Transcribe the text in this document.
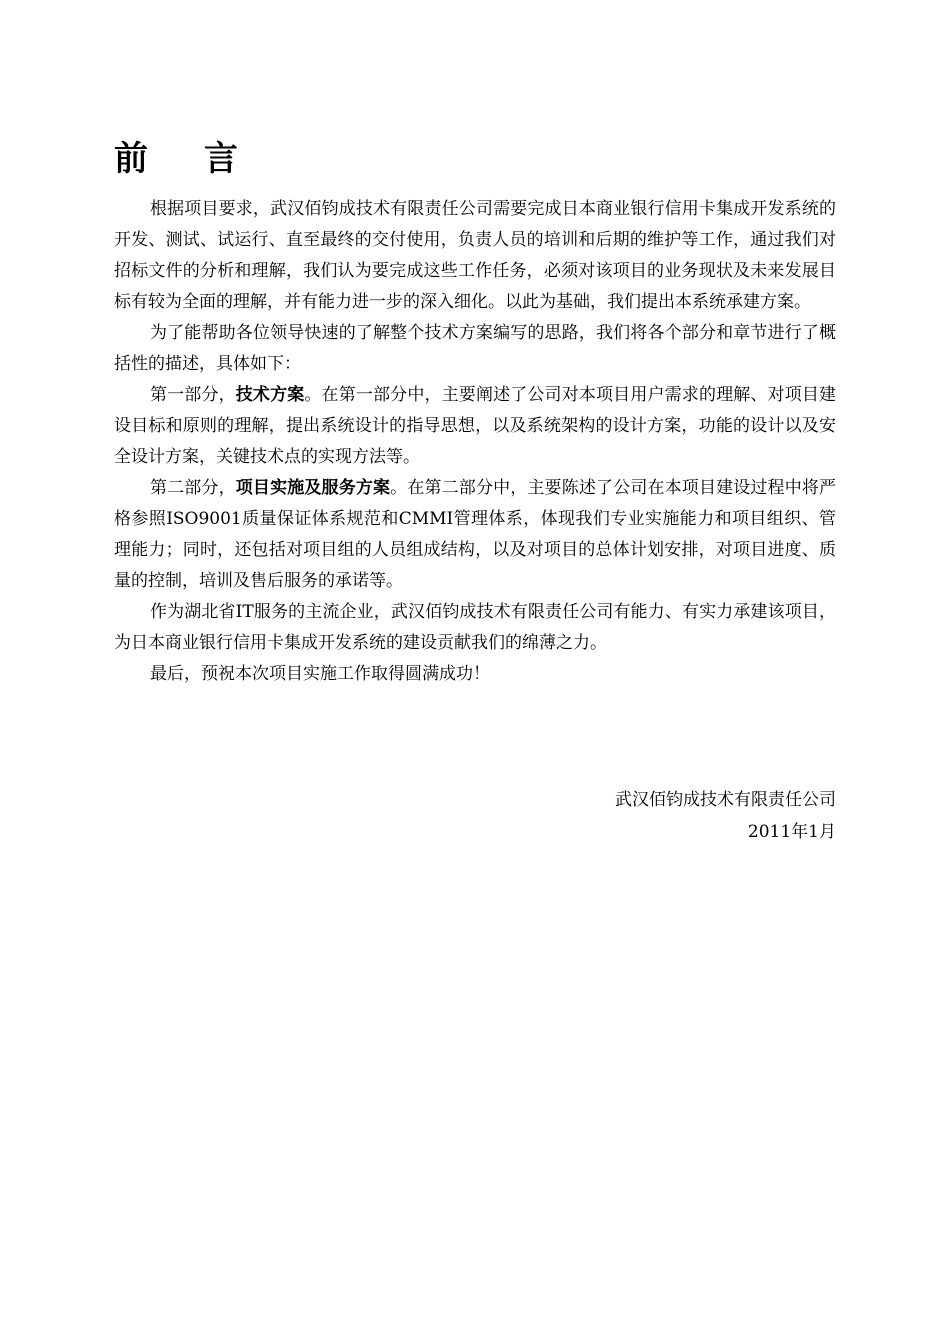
前 言

根据项目要求，武汉佰钧成技术有限责任公司需要完成日本商业银行信用卡集成开发系统的开发、测试、试运行、直至最终的交付使用，负责人员的培训和后期的维护等工作，通过我们对招标文件的分析和理解，我们认为要完成这些工作任务，必须对该项目的业务现状及未来发展目标有较为全面的理解，并有能力进一步的深入细化。以此为基础，我们提出本系统承建方案。

为了能帮助各位领导快速的了解整个技术方案编写的思路，我们将各个部分和章节进行了概括性的描述，具体如下：

第一部分，技术方案。在第一部分中，主要阐述了公司对本项目用户需求的理解、对项目建设目标和原则的理解，提出系统设计的指导思想，以及系统架构的设计方案，功能的设计以及安全设计方案，关键技术点的实现方法等。

第二部分，项目实施及服务方案。在第二部分中，主要陈述了公司在本项目建设过程中将严格参照ISO9001质量保证体系规范和CMMI管理体系，体现我们专业实施能力和项目组织、管理能力；同时，还包括对项目组的人员组成结构，以及对项目的总体计划安排，对项目进度、质量的控制，培训及售后服务的承诺等。

作为湖北省IT服务的主流企业，武汉佰钧成技术有限责任公司有能力、有实力承建该项目，为日本商业银行信用卡集成开发系统的建设贡献我们的绵薄之力。

最后，预祝本次项目实施工作取得圆满成功！

武汉佰钧成技术有限责任公司
2011年1月
